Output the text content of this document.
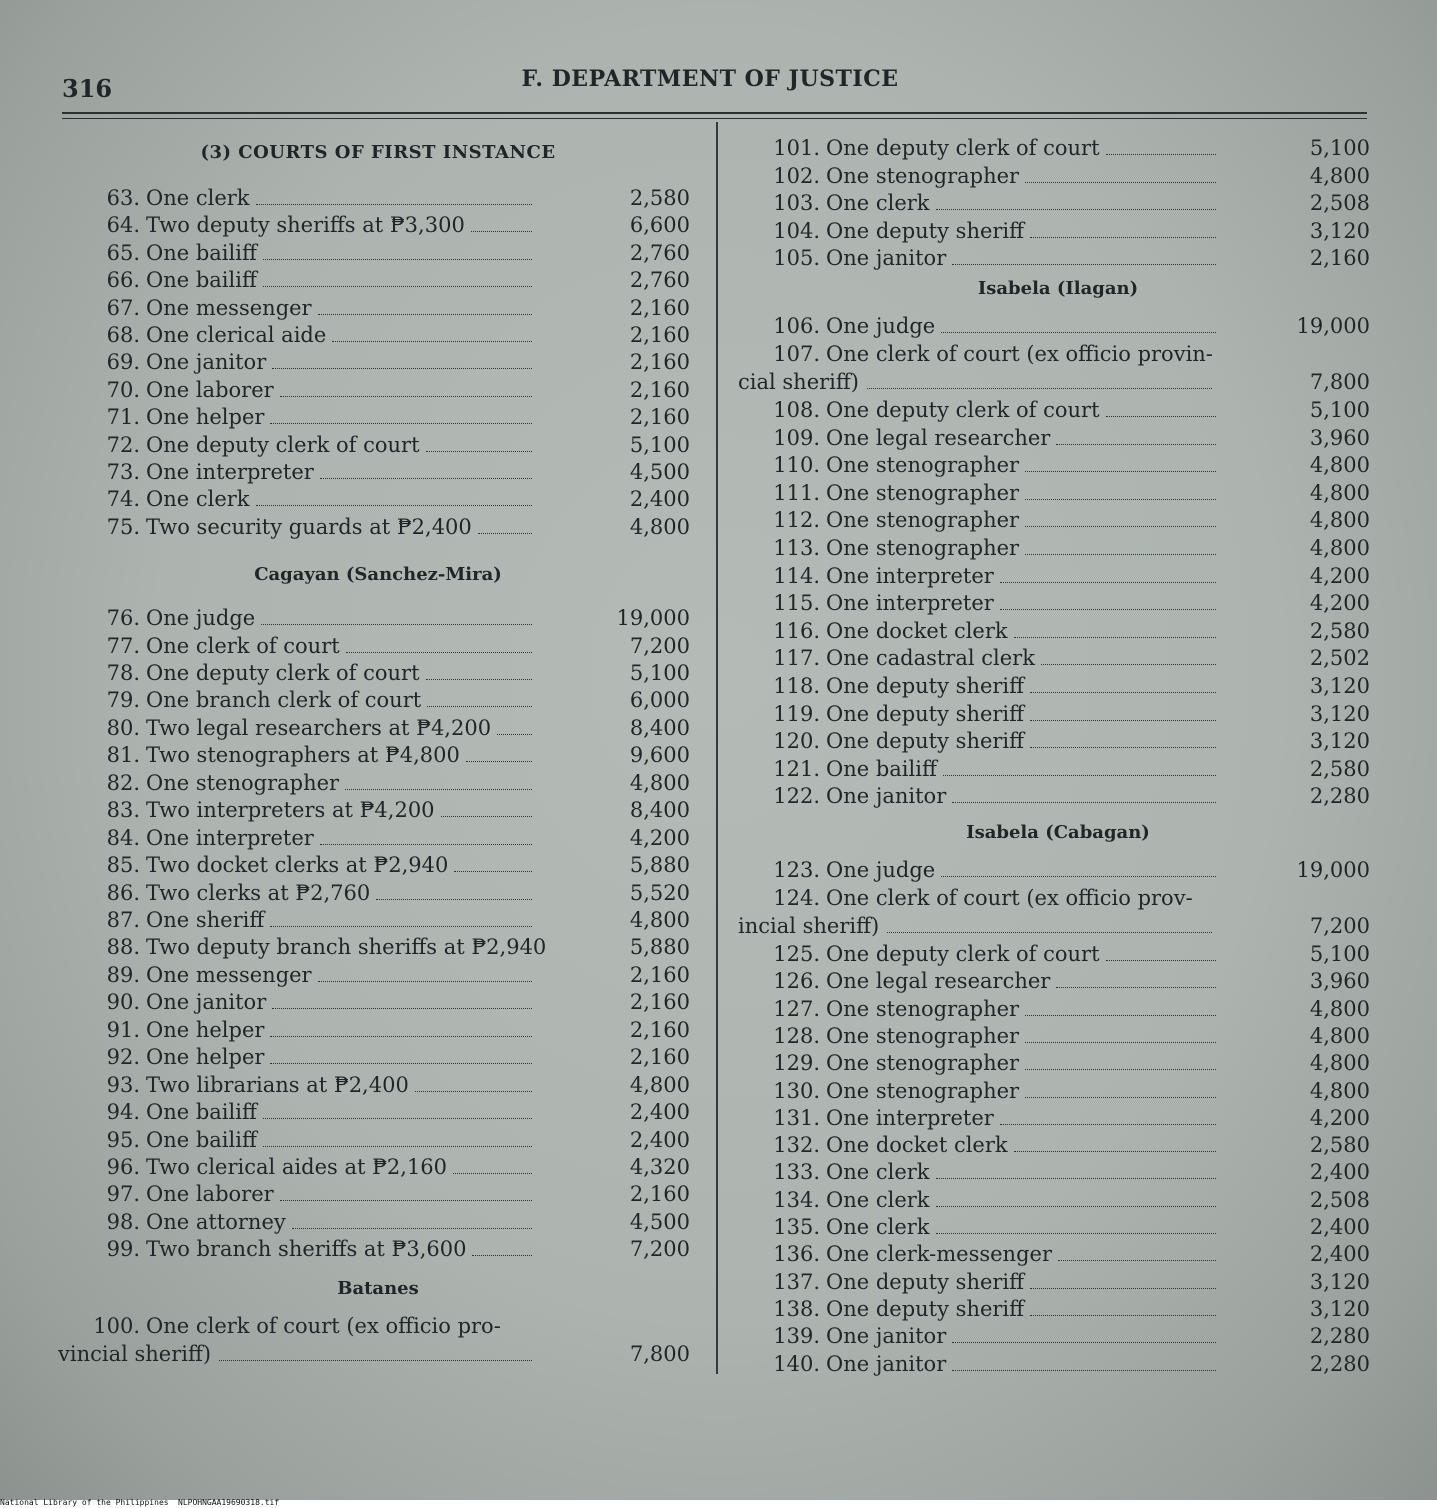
316	F. DEPARTMENT OF JUSTICE
(3) COURTS OF FIRST INSTANCE
Cagayan (Sanchez-Mira)
Batanes
100. One clerk of court (ex officio pro-
vincial sheriff)	7,800
63. One clerk	2,580
64. Two deputy sheriffs at ₱3,300	6,600
65. One bailiff	2,760
66. One bailiff	2,760
67. One messenger	2,160
68. One clerical aide	2,160
69. One janitor	2,160
70. One laborer	2,160
71. One helper	2,160
72. One deputy clerk of court	5,100
73. One interpreter	4,500
74. One clerk	2,400
75. Two security guards at ₱2,400	4,800
76. One judge	19,000
77. One clerk of court	7,200
78. One deputy clerk of court	5,100
79. One branch clerk of court	6,000
80. Two legal researchers at ₱4,200	8,400
81. Two stenographers at ₱4,800	9,600
82. One stenographer	4,800
83. Two interpreters at ₱4,200	8,400
84. One interpreter	4,200
85. Two docket clerks at ₱2,940	5,880
86. Two clerks at ₱2,760	5,520
87. One sheriff	4,800
88. Two deputy branch sheriffs at ₱2,940	5,880
89. One messenger	2,160
90. One janitor	2,160
91. One helper	2,160
92. One helper	2,160
93. Two librarians at ₱2,400	4,800
94. One bailiff	2,400
95. One bailiff	2,400
96. Two clerical aides at ₱2,160	4,320
97. One laborer	2,160
98. One attorney	4,500
99. Two branch sheriffs at ₱3,600	7,200
Isabela (Ilagan)
106. One judge	19,000
107. One clerk of court (ex officio provin-
cial sheriff)	7,800
Isabela (Cabagan)
123. One judge	19,000
124. One clerk of court (ex officio prov-
incial sheriff)	7,200
101. One deputy clerk of court	5,100
102. One stenographer	4,800
103. One clerk	2,508
104. One deputy sheriff	3,120
105. One janitor	2,160
108. One deputy clerk of court	5,100
109. One legal researcher	3,960
110. One stenographer	4,800
111. One stenographer	4,800
112. One stenographer	4,800
113. One stenographer	4,800
114. One interpreter	4,200
115. One interpreter	4,200
116. One docket clerk	2,580
117. One cadastral clerk	2,502
118. One deputy sheriff	3,120
119. One deputy sheriff	3,120
120. One deputy sheriff	3,120
121. One bailiff	2,580
122. One janitor	2,280
125. One deputy clerk of court	5,100
126. One legal researcher	3,960
127. One stenographer	4,800
128. One stenographer	4,800
129. One stenographer	4,800
130. One stenographer	4,800
131. One interpreter	4,200
132. One docket clerk	2,580
133. One clerk	2,400
134. One clerk	2,508
135. One clerk	2,400
136. One clerk-messenger	2,400
137. One deputy sheriff	3,120
138. One deputy sheriff	3,120
139. One janitor	2,280
140. One janitor	2,280
National Library of the Philippines NLPOHNGAA19690318.tif
